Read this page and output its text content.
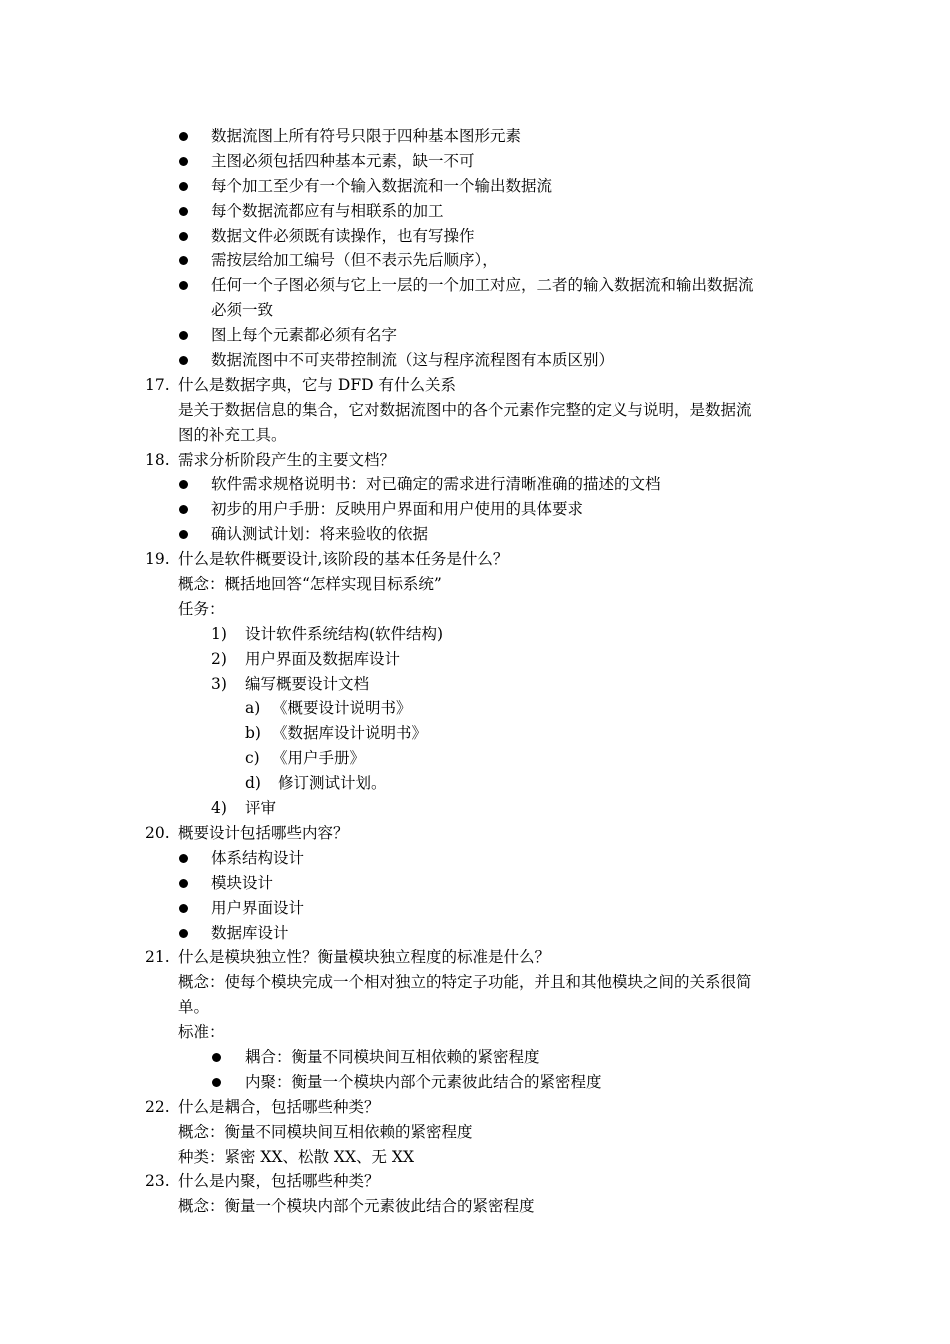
数据流图上所有符号只限于四种基本图形元素
主图必须包括四种基本元素，缺一不可
每个加工至少有一个输入数据流和一个输出数据流
每个数据流都应有与相联系的加工
数据文件必须既有读操作，也有写操作
需按层给加工编号（但不表示先后顺序），
任何一个子图必须与它上一层的一个加工对应，二者的输入数据流和输出数据流
必须一致
图上每个元素都必须有名字
数据流图中不可夹带控制流（这与程序流程图有本质区别）
17. 什么是数据字典，它与 DFD 有什么关系
是关于数据信息的集合，它对数据流图中的各个元素作完整的定义与说明，是数据流
图的补充工具。
18. 需求分析阶段产生的主要文档？
软件需求规格说明书：对已确定的需求进行清晰准确的描述的文档
初步的用户手册：反映用户界面和用户使用的具体要求
确认测试计划：将来验收的依据
19. 什么是软件概要设计,该阶段的基本任务是什么？
概念：概括地回答“怎样实现目标系统”
任务：
1) 设计软件系统结构(软件结构)
2) 用户界面及数据库设计
3) 编写概要设计文档
a) 《概要设计说明书》
b) 《数据库设计说明书》
c) 《用户手册》
d) 修订测试计划。
4) 评审
20. 概要设计包括哪些内容？
体系结构设计
模块设计
用户界面设计
数据库设计
21. 什么是模块独立性？衡量模块独立程度的标准是什么？
概念：使每个模块完成一个相对独立的特定子功能，并且和其他模块之间的关系很简
单。
标准：
耦合：衡量不同模块间互相依赖的紧密程度
内聚：衡量一个模块内部个元素彼此结合的紧密程度
22. 什么是耦合，包括哪些种类？
概念：衡量不同模块间互相依赖的紧密程度
种类：紧密 XX、松散 XX、无 XX
23. 什么是内聚，包括哪些种类？
概念：衡量一个模块内部个元素彼此结合的紧密程度
